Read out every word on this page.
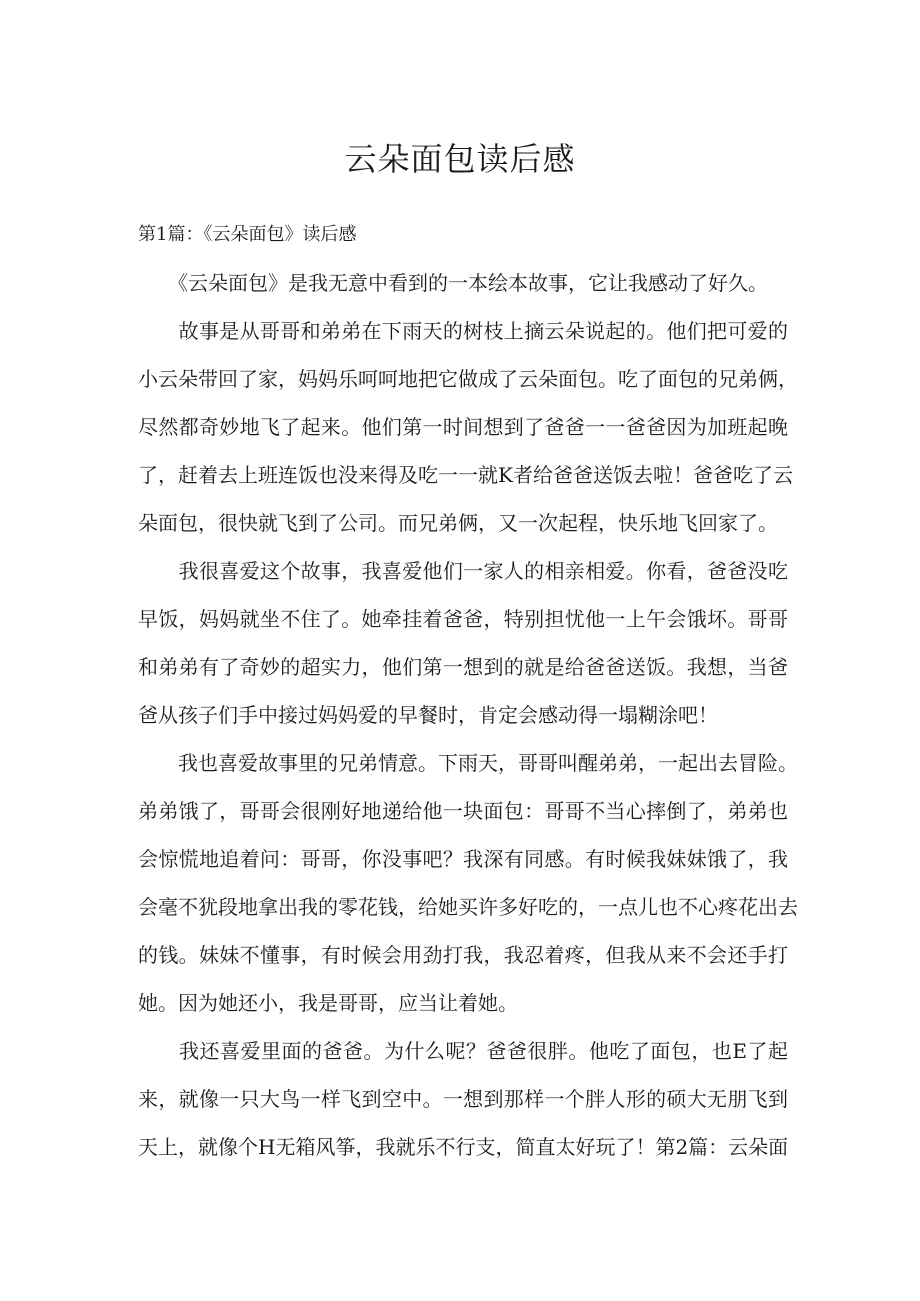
云朵面包读后感

第1篇：《云朵面包》读后感

　　《云朵面包》是我无意中看到的一本绘本故事，它让我感动了好久。

　　故事是从哥哥和弟弟在下雨天的树枝上摘云朵说起的。他们把可爱的

小云朵带回了家，妈妈乐呵呵地把它做成了云朵面包。吃了面包的兄弟俩，

尽然都奇妙地飞了起来。他们第一时间想到了爸爸一一爸爸因为加班起晚

了，赶着去上班连饭也没来得及吃一一就K者给爸爸送饭去啦！爸爸吃了云

朵面包，很快就飞到了公司。而兄弟俩，又一次起程，快乐地飞回家了。

　　我很喜爱这个故事，我喜爱他们一家人的相亲相爱。你看，爸爸没吃

早饭，妈妈就坐不住了。她牵挂着爸爸，特别担忧他一上午会饿坏。哥哥

和弟弟有了奇妙的超实力，他们第一想到的就是给爸爸送饭。我想，当爸

爸从孩子们手中接过妈妈爱的早餐时，肯定会感动得一塌糊涂吧！

　　我也喜爱故事里的兄弟情意。下雨天，哥哥叫醒弟弟，一起出去冒险。

弟弟饿了，哥哥会很刚好地递给他一块面包：哥哥不当心摔倒了，弟弟也

会惊慌地追着问：哥哥，你没事吧？我深有同感。有时候我妹妹饿了，我

会毫不犹段地拿出我的零花钱，给她买许多好吃的，一点儿也不心疼花出去

的钱。妹妹不懂事，有时候会用劲打我，我忍着疼，但我从来不会还手打

她。因为她还小，我是哥哥，应当让着她。

　　我还喜爱里面的爸爸。为什么呢？爸爸很胖。他吃了面包，也E了起

来，就像一只大鸟一样飞到空中。一想到那样一个胖人形的硕大无朋飞到

天上，就像个H无箱风筝，我就乐不行支，简直太好玩了！第2篇：云朵面
